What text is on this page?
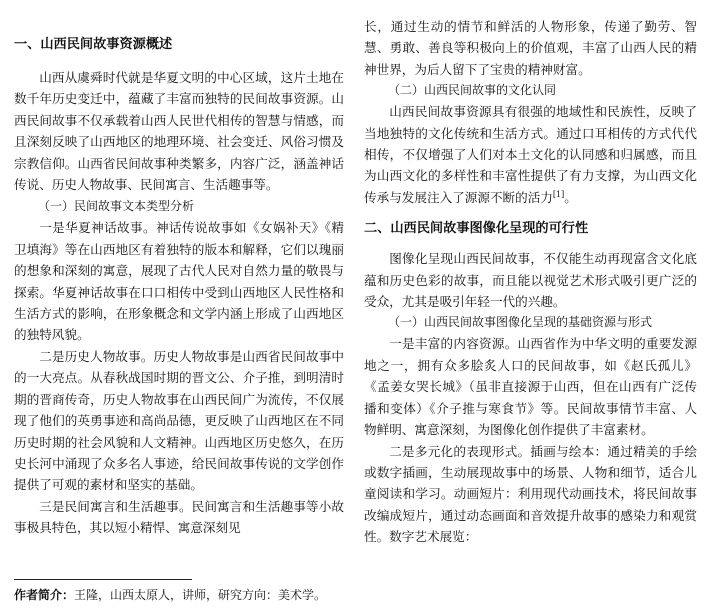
一、山西民间故事资源概述

山西从虞舜时代就是华夏文明的中心区域，这片土地在数千年历史变迁中，蕴藏了丰富而独特的民间故事资源。山西民间故事不仅承载着山西人民世代相传的智慧与情感，而且深刻反映了山西地区的地理环境、社会变迁、风俗习惯及宗教信仰。山西省民间故事种类繁多，内容广泛，涵盖神话传说、历史人物故事、民间寓言、生活趣事等。

（一）民间故事文本类型分析

一是华夏神话故事。神话传说故事如《女娲补天》《精卫填海》等在山西地区有着独特的版本和解释，它们以瑰丽的想象和深刻的寓意，展现了古代人民对自然力量的敬畏与探索。华夏神话故事在口口相传中受到山西地区人民性格和生活方式的影响，在形象概念和文学内涵上形成了山西地区的独特风貌。

二是历史人物故事。历史人物故事是山西省民间故事中的一大亮点。从春秋战国时期的晋文公、介子推，到明清时期的晋商传奇，历史人物故事在山西民间广为流传，不仅展现了他们的英勇事迹和高尚品德，更反映了山西地区在不同历史时期的社会风貌和人文精神。山西地区历史悠久，在历史长河中涌现了众多名人事迹，给民间故事传说的文学创作提供了可观的素材和坚实的基础。

三是民间寓言和生活趣事。民间寓言和生活趣事等小故事极具特色，其以短小精悍、寓意深刻见

长，通过生动的情节和鲜活的人物形象，传递了勤劳、智慧、勇敢、善良等积极向上的价值观，丰富了山西人民的精神世界，为后人留下了宝贵的精神财富。

（二）山西民间故事的文化认同

山西民间故事资源具有很强的地域性和民族性，反映了当地独特的文化传统和生活方式。通过口耳相传的方式代代相传，不仅增强了人们对本土文化的认同感和归属感，而且为山西文化的多样性和丰富性提供了有力支撑，为山西文化传承与发展注入了源源不断的活力[1]。

二、山西民间故事图像化呈现的可行性

图像化呈现山西民间故事，不仅能生动再现富含文化底蕴和历史色彩的故事，而且能以视觉艺术形式吸引更广泛的受众，尤其是吸引年轻一代的兴趣。

（一）山西民间故事图像化呈现的基础资源与形式

一是丰富的内容资源。山西省作为中华文明的重要发源地之一，拥有众多脍炙人口的民间故事，如《赵氏孤儿》《孟姜女哭长城》（虽非直接源于山西，但在山西有广泛传播和变体）《介子推与寒食节》等。民间故事情节丰富、人物鲜明、寓意深刻，为图像化创作提供了丰富素材。

二是多元化的表现形式。插画与绘本：通过精美的手绘或数字插画，生动展现故事中的场景、人物和细节，适合儿童阅读和学习。动画短片：利用现代动画技术，将民间故事改编成短片，通过动态画面和音效提升故事的感染力和观赏性。数字艺术展览：

作者简介：王隆，山西太原人，讲师，研究方向：美术学。
